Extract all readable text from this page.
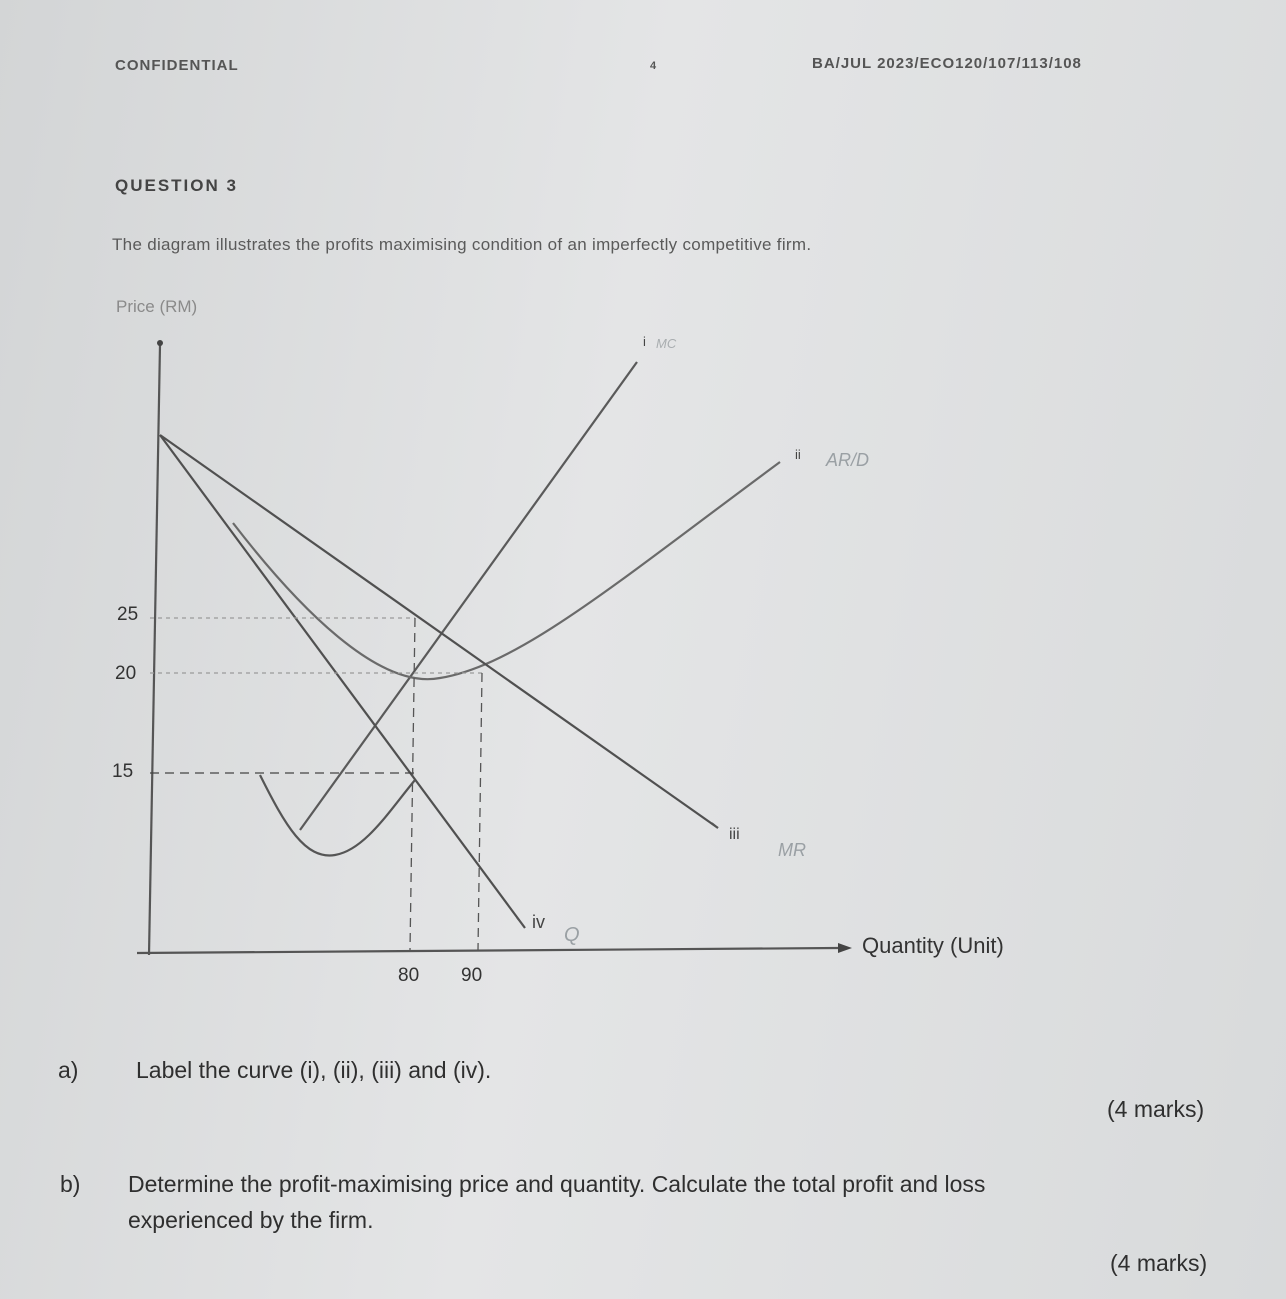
CONFIDENTIAL	4	BA/JUL 2023/ECO120/107/113/108
QUESTION 3
The diagram illustrates the profits maximising condition of an imperfectly competitive firm.
Price (RM)
25
20
15
80 90
i
ii
iii
iv
MC
AR/D
MR
Q	Quantity (Unit)
a)	Label the curve (i), (ii), (iii) and (iv).
(4 marks)
b) Determine the profit-maximising price and quantity. Calculate the total profit and loss
experienced by the firm.
(4 marks)
